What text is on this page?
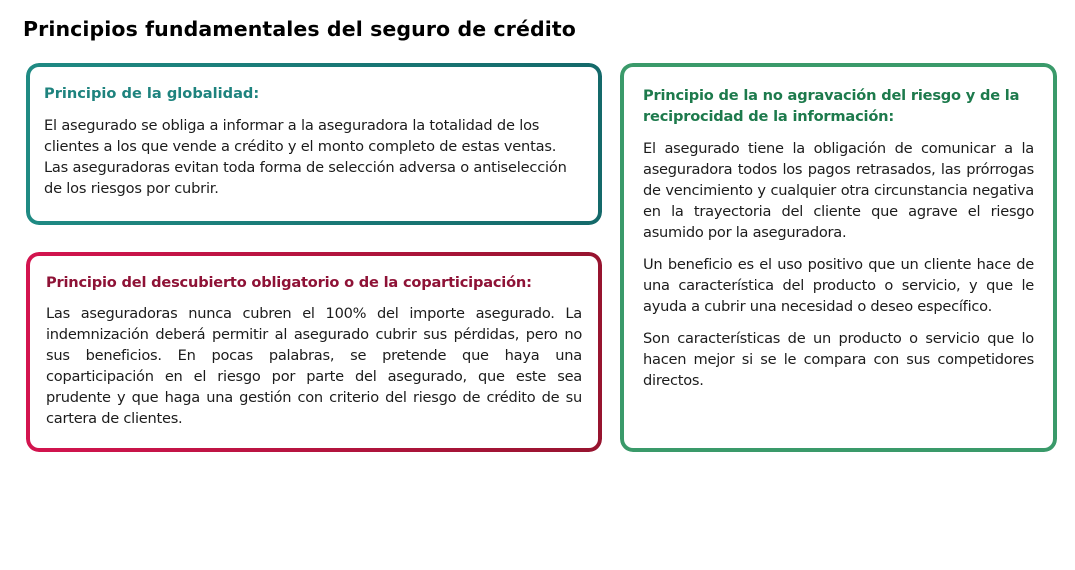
Principios fundamentales del seguro de crédito
Principio de la globalidad:

El asegurado se obliga a informar a la aseguradora la totalidad de los clientes a los que vende a crédito y el monto completo de estas ventas. Las aseguradoras evitan toda forma de selección adversa o antiselección de los riesgos por cubrir.

Principio del descubierto obligatorio o de la coparticipación:

Las aseguradoras nunca cubren el 100% del importe asegurado. La indemnización deberá permitir al asegurado cubrir sus pérdidas, pero no sus beneficios. En pocas palabras, se pretende que haya una coparticipación en el riesgo por parte del asegurado, que este sea prudente y que haga una gestión con criterio del riesgo de crédito de su cartera de clientes.

Principio de la no agravación del riesgo y de la reciprocidad de la información:

El asegurado tiene la obligación de comunicar a la aseguradora todos los pagos retrasados, las prórrogas de vencimiento y cualquier otra circunstancia negativa en la trayectoria del cliente que agrave el riesgo asumido por la aseguradora.

Un beneficio es el uso positivo que un cliente hace de una característica del producto o servicio, y que le ayuda a cubrir una necesidad o deseo específico.

Son características de un producto o servicio que lo hacen mejor si se le compara con sus competidores directos.
